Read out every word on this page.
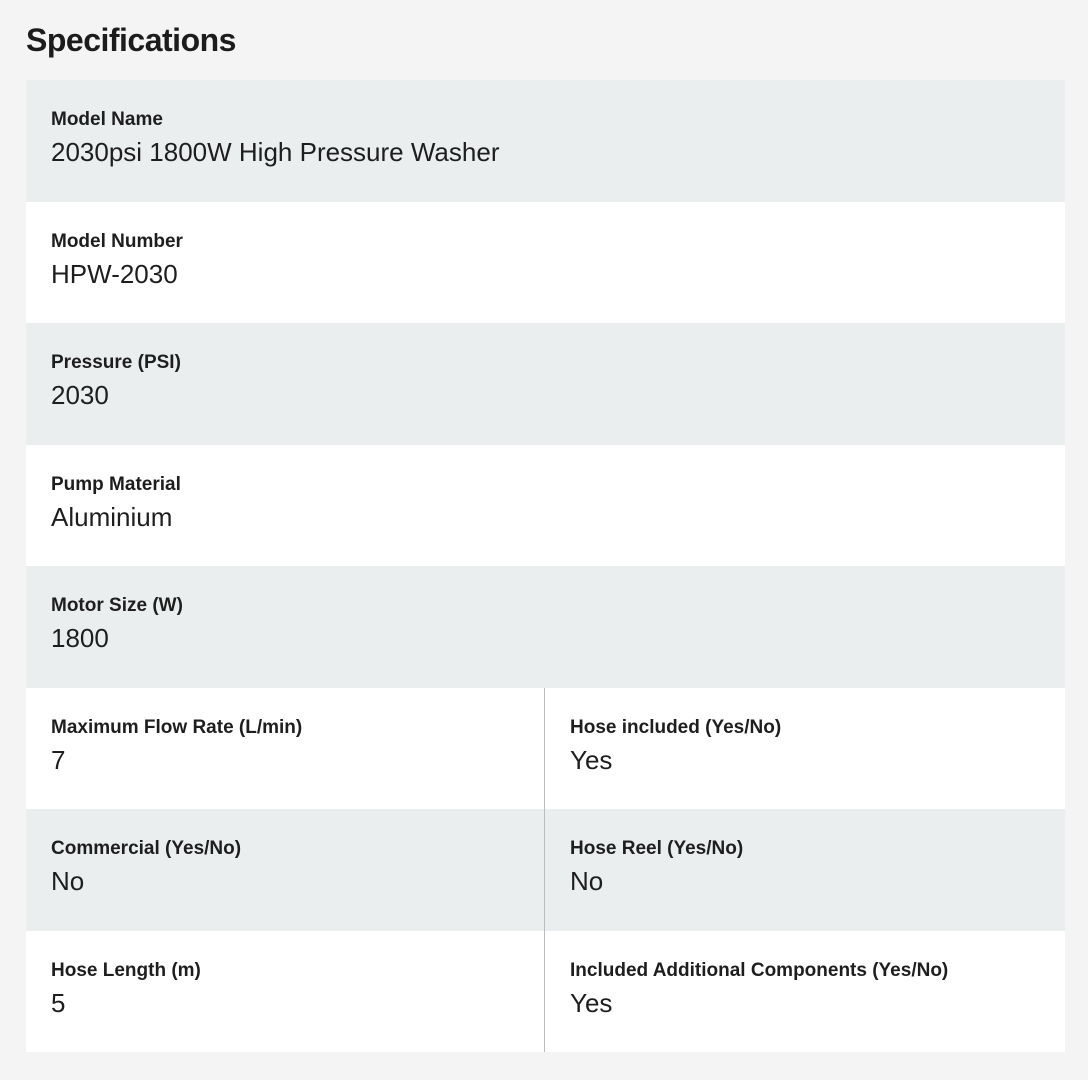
Specifications
Model Name
2030psi 1800W High Pressure Washer
Model Number
HPW-2030
Pressure (PSI)
2030
Pump Material
Aluminium
Motor Size (W)
1800
Maximum Flow Rate (L/min)
7
Hose included (Yes/No)
Yes
Commercial (Yes/No)
No
Hose Reel (Yes/No)
No
Hose Length (m)
5
Included Additional Components (Yes/No)
Yes
